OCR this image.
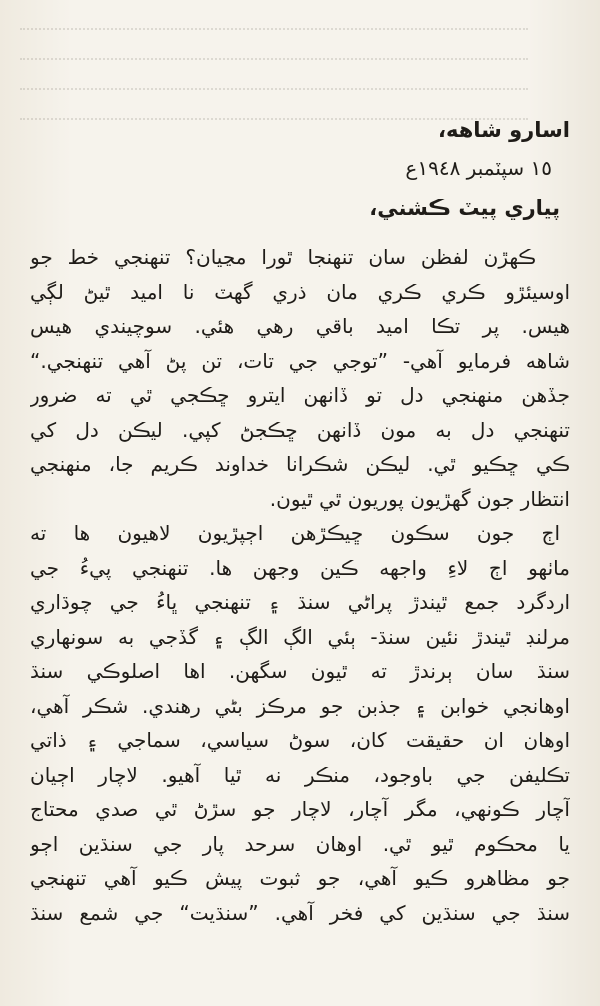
اسارو شاهه،
١٥ سپٽمبر ١٩٤٨ع
پياري پيٽ ڪشني،
ڪهڙن لفظن سان تنهنجا ٿورا مڃيان؟ تنهنجي خط جو
اوسيئڙو ڪري ڪري مان ذري گهٽ نا اميد ٿيڻ لڳي
هيس. پر تڪا اميد باقي رهي هئي. سوچيندي هيس
شاهه فرمايو آهي- ”توجي جي تات، تن پڻ آهي تنهنجي.“
جڏهن منهنجي دل تو ڏانهن ايترو ڇڪجي ٿي ته ضرور
تنهنجي دل به مون ڏانهن ڇڪجڻ کپي. ليڪن دل کي
ڪي ڇڪيو ٿي. ليڪن شڪرانا خداوند ڪريم جا، منهنجي
انتظار جون گهڙيون پوريون ٿي ٿيون.
اڄ جون سڪون ڇيڪڙهن اڄپڙيون لاهيون ها ته
ماٺهو اڄ لاءِ واجهه ڪين وجهن ها. تنهنجي پيءُ جي
اردگرد جمع ٿيندڙ پراڻي سنڌ ۽ تنهنجي ڀاءُ جي چوڌاري
مرلنڊ ٿيندڙ نئين سنڌ- ٻئي الڳ الڳ ۽ گڏجي به سونهاري
سنڌ سان ٻرندڙ ته ٿيون سگهن. اها اصلوڪي سنڌ
اوهانجي خوابن ۽ جذبن جو مرڪز بڻي رهندي. شڪر آهي،
اوهان ان حقيقت کان، سوڻ سياسي، سماجي ۽ ذاتي
تڪليفن جي باوجود، منڪر نه ٿيا آهيو. لاچار اڄيان
آچار ڪونهي، مگر آچار، لاچار جو سڙڻ ٿي صدي محتاج
يا محڪوم ٿيو ٿي. اوهان سرحد پار جي سنڌين اڄو
جو مظاهرو ڪيو آهي، جو ثبوت پيش ڪيو آهي تنهنجي
سنڌ جي سنڌين کي فخر آهي. ”سنڌيت“ جي شمع سنڌ
